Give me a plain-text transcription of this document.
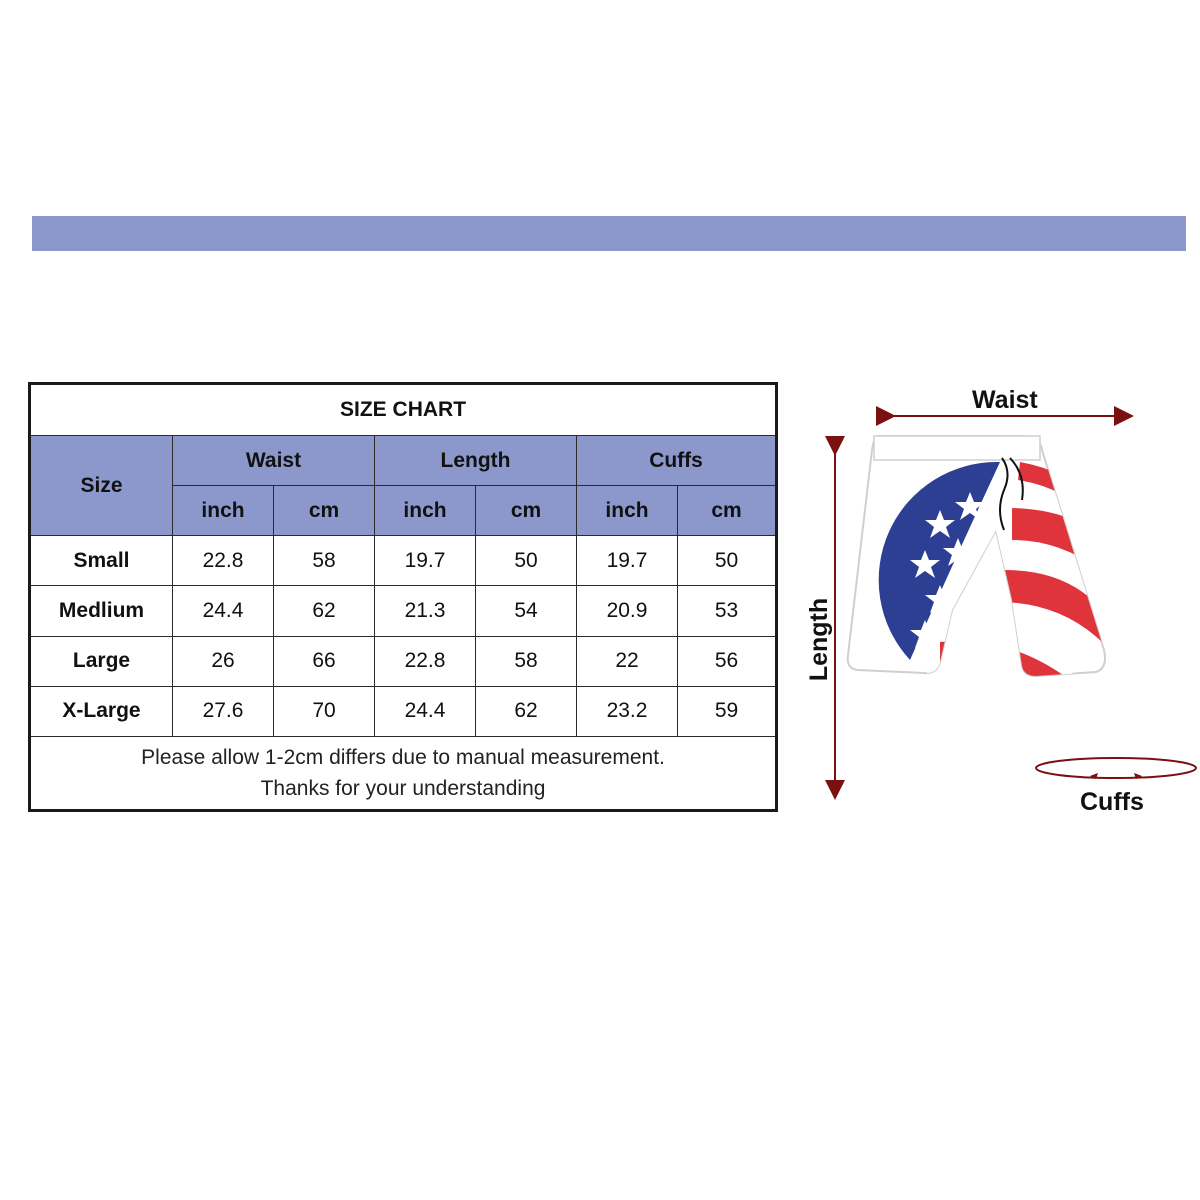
SIZE CHART						
Size	Waist		Length		Cuffs	
	inch	cm	inch	cm	inch	cm
Small	22.8	58	19.7	50	19.7	50
Medlium	24.4	62	21.3	54	20.9	53
Large	26	66	22.8	58	22	56
X-Large	27.6	70	24.4	62	23.2	59

Please allow 1-2cm differs due to manual measurement.
Thanks for your understanding						
Waist
Length
Cuffs
